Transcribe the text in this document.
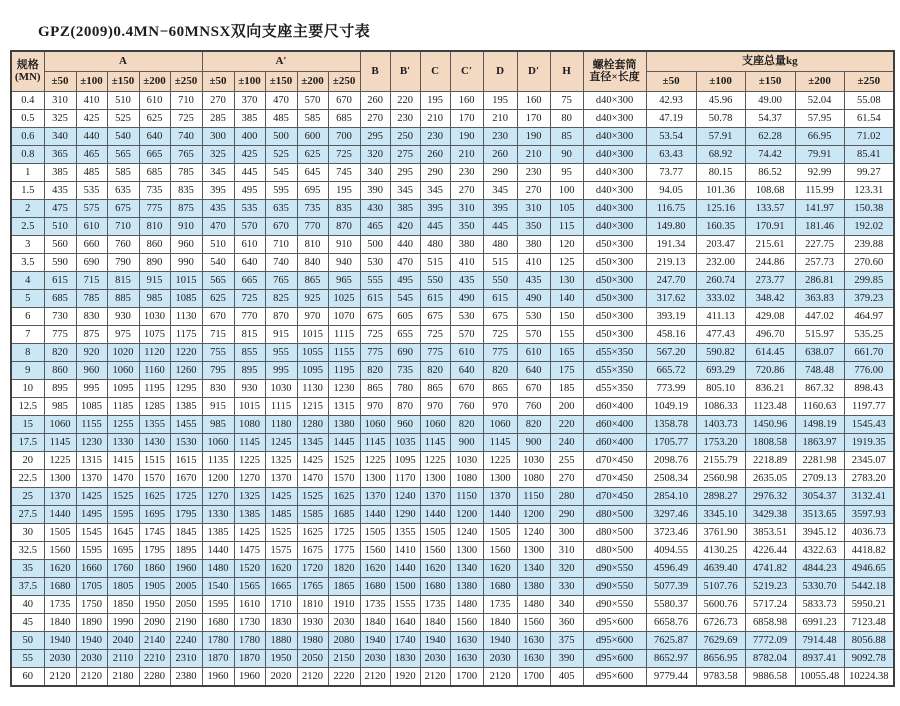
GPZ(2009)0.4MN−60MNSX双向支座主要尺寸表
规格
(MN)	A					A′					B	B′	C	C′	D	D′	H	螺栓套筒
直径×长度	支座总量kg				
	±50	±100	±150	±200	±250	±50	±100	±150	±200	±250									±50	±100	±150	±200	±250
0.4	310	410	510	610	710	270	370	470	570	670	260	220	195	160	195	160	75	d40×300	42.93	45.96	49.00	52.04	55.08
0.5	325	425	525	625	725	285	385	485	585	685	270	230	210	170	210	170	80	d40×300	47.19	50.78	54.37	57.95	61.54
0.6	340	440	540	640	740	300	400	500	600	700	295	250	230	190	230	190	85	d40×300	53.54	57.91	62.28	66.95	71.02
0.8	365	465	565	665	765	325	425	525	625	725	320	275	260	210	260	210	90	d40×300	63.43	68.92	74.42	79.91	85.41
1	385	485	585	685	785	345	445	545	645	745	340	295	290	230	290	230	95	d40×300	73.77	80.15	86.52	92.99	99.27
1.5	435	535	635	735	835	395	495	595	695	195	390	345	345	270	345	270	100	d40×300	94.05	101.36	108.68	115.99	123.31
2	475	575	675	775	875	435	535	635	735	835	430	385	395	310	395	310	105	d40×300	116.75	125.16	133.57	141.97	150.38
2.5	510	610	710	810	910	470	570	670	770	870	465	420	445	350	445	350	115	d40×300	149.80	160.35	170.91	181.46	192.02
3	560	660	760	860	960	510	610	710	810	910	500	440	480	380	480	380	120	d50×300	191.34	203.47	215.61	227.75	239.88
3.5	590	690	790	890	990	540	640	740	840	940	530	470	515	410	515	410	125	d50×300	219.13	232.00	244.86	257.73	270.60
4	615	715	815	915	1015	565	665	765	865	965	555	495	550	435	550	435	130	d50×300	247.70	260.74	273.77	286.81	299.85
5	685	785	885	985	1085	625	725	825	925	1025	615	545	615	490	615	490	140	d50×300	317.62	333.02	348.42	363.83	379.23
6	730	830	930	1030	1130	670	770	870	970	1070	675	605	675	530	675	530	150	d50×300	393.19	411.13	429.08	447.02	464.97
7	775	875	975	1075	1175	715	815	915	1015	1115	725	655	725	570	725	570	155	d50×300	458.16	477.43	496.70	515.97	535.25
8	820	920	1020	1120	1220	755	855	955	1055	1155	775	690	775	610	775	610	165	d55×350	567.20	590.82	614.45	638.07	661.70
9	860	960	1060	1160	1260	795	895	995	1095	1195	820	735	820	640	820	640	175	d55×350	665.72	693.29	720.86	748.48	776.00
10	895	995	1095	1195	1295	830	930	1030	1130	1230	865	780	865	670	865	670	185	d55×350	773.99	805.10	836.21	867.32	898.43
12.5	985	1085	1185	1285	1385	915	1015	1115	1215	1315	970	870	970	760	970	760	200	d60×400	1049.19	1086.33	1123.48	1160.63	1197.77
15	1060	1155	1255	1355	1455	985	1080	1180	1280	1380	1060	960	1060	820	1060	820	220	d60×400	1358.78	1403.73	1450.96	1498.19	1545.43
17.5	1145	1230	1330	1430	1530	1060	1145	1245	1345	1445	1145	1035	1145	900	1145	900	240	d60×400	1705.77	1753.20	1808.58	1863.97	1919.35
20	1225	1315	1415	1515	1615	1135	1225	1325	1425	1525	1225	1095	1225	1030	1225	1030	255	d70×450	2098.76	2155.79	2218.89	2281.98	2345.07
22.5	1300	1370	1470	1570	1670	1200	1270	1370	1470	1570	1300	1170	1300	1080	1300	1080	270	d70×450	2508.34	2560.98	2635.05	2709.13	2783.20
25	1370	1425	1525	1625	1725	1270	1325	1425	1525	1625	1370	1240	1370	1150	1370	1150	280	d70×450	2854.10	2898.27	2976.32	3054.37	3132.41
27.5	1440	1495	1595	1695	1795	1330	1385	1485	1585	1685	1440	1290	1440	1200	1440	1200	290	d80×500	3297.46	3345.10	3429.38	3513.65	3597.93
30	1505	1545	1645	1745	1845	1385	1425	1525	1625	1725	1505	1355	1505	1240	1505	1240	300	d80×500	3723.46	3761.90	3853.51	3945.12	4036.73
32.5	1560	1595	1695	1795	1895	1440	1475	1575	1675	1775	1560	1410	1560	1300	1560	1300	310	d80×500	4094.55	4130.25	4226.44	4322.63	4418.82
35	1620	1660	1760	1860	1960	1480	1520	1620	1720	1820	1620	1440	1620	1340	1620	1340	320	d90×550	4596.49	4639.40	4741.82	4844.23	4946.65
37.5	1680	1705	1805	1905	2005	1540	1565	1665	1765	1865	1680	1500	1680	1380	1680	1380	330	d90×550	5077.39	5107.76	5219.23	5330.70	5442.18
40	1735	1750	1850	1950	2050	1595	1610	1710	1810	1910	1735	1555	1735	1480	1735	1480	340	d90×550	5580.37	5600.76	5717.24	5833.73	5950.21
45	1840	1890	1990	2090	2190	1680	1730	1830	1930	2030	1840	1640	1840	1560	1840	1560	360	d95×600	6658.76	6726.73	6858.98	6991.23	7123.48
50	1940	1940	2040	2140	2240	1780	1780	1880	1980	2080	1940	1740	1940	1630	1940	1630	375	d95×600	7625.87	7629.69	7772.09	7914.48	8056.88
55	2030	2030	2110	2210	2310	1870	1870	1950	2050	2150	2030	1830	2030	1630	2030	1630	390	d95×600	8652.97	8656.95	8782.04	8937.41	9092.78
60	2120	2120	2180	2280	2380	1960	1960	2020	2120	2220	2120	1920	2120	1700	2120	1700	405	d95×600	9779.44	9783.58	9886.58	10055.48	10224.38
